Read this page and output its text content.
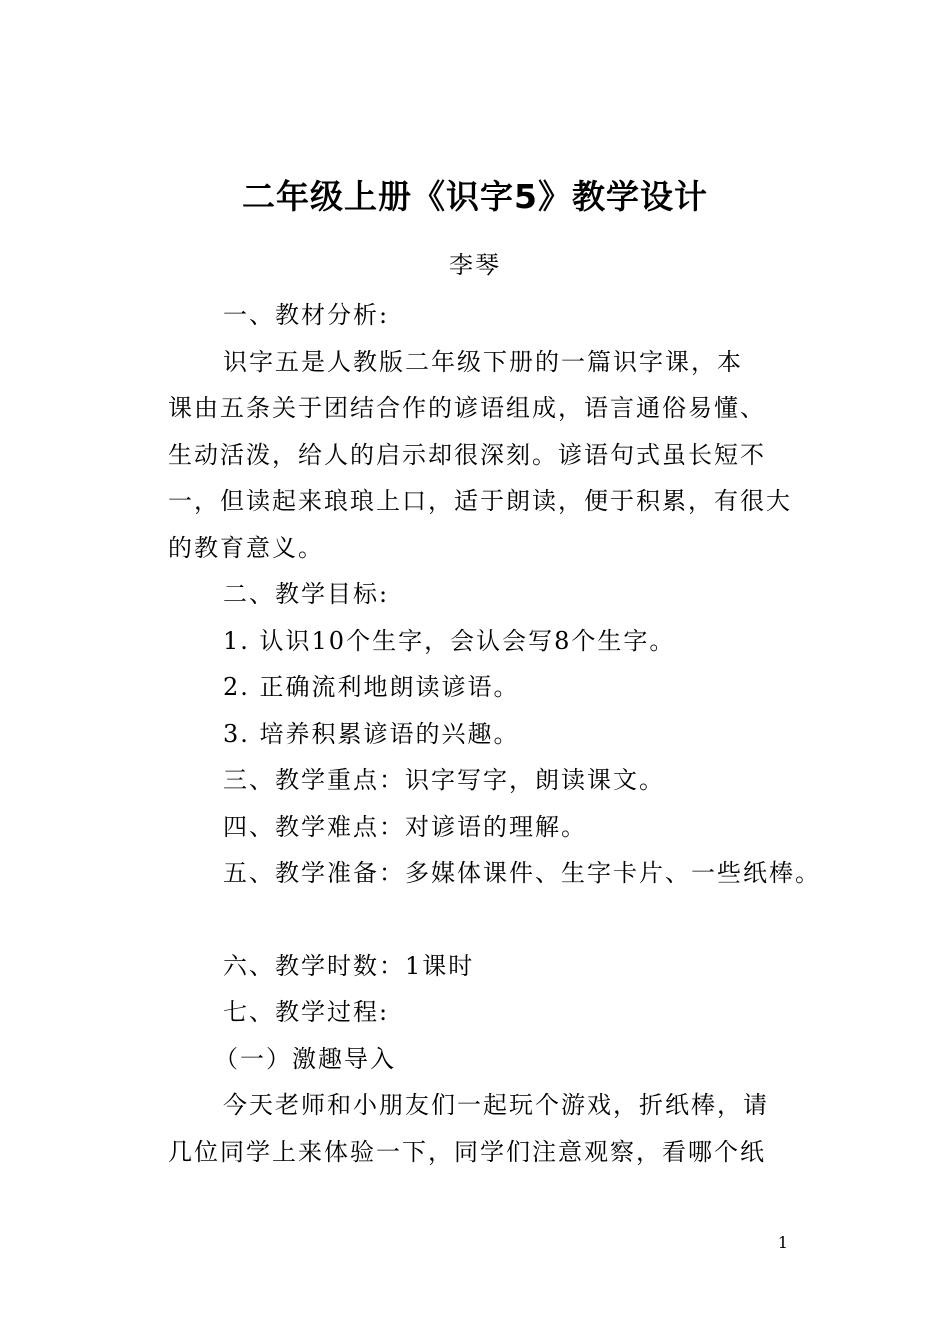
二年级上册《识字5》教学设计
李琴
一、教材分析:
识字五是人教版二年级下册的一篇识字课，本
课由五条关于团结合作的谚语组成，语言通俗易懂、
生动活泼，给人的启示却很深刻。谚语句式虽长短不
一，但读起来琅琅上口，适于朗读，便于积累，有很大
的教育意义。
二、教学目标:
1. 认识10个生字，会认会写8个生字。
2. 正确流利地朗读谚语。
3. 培养积累谚语的兴趣。
三、教学重点：识字写字，朗读课文。
四、教学难点：对谚语的理解。
五、教学准备：多媒体课件、生字卡片、一些纸棒。
六、教学时数：1课时
七、教学过程:
（一）激趣导入
今天老师和小朋友们一起玩个游戏，折纸棒，请
几位同学上来体验一下，同学们注意观察，看哪个纸
1
